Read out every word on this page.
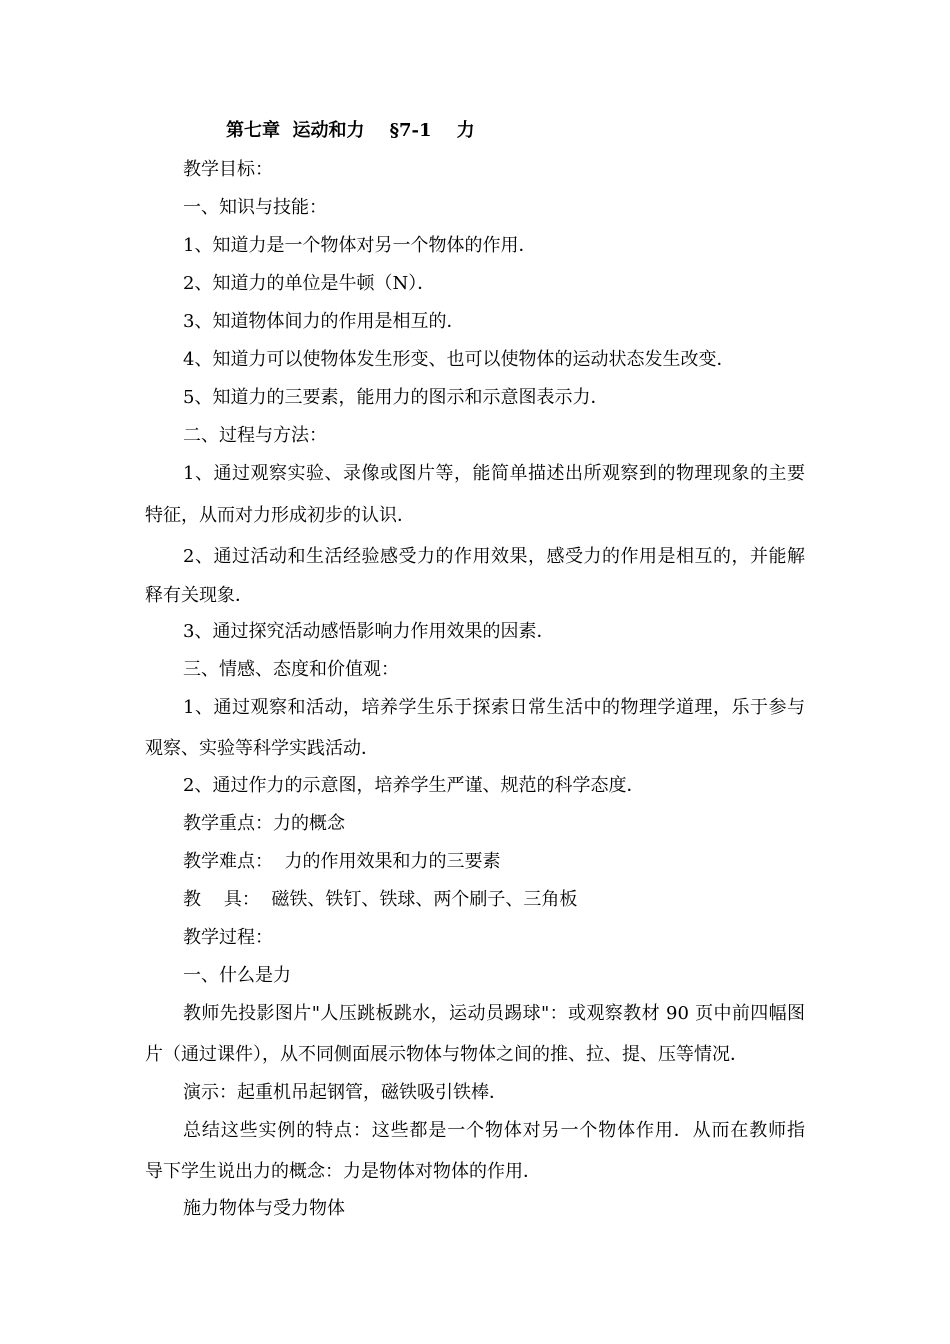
第七章  运动和力    §7-1    力
教学目标：
一、知识与技能：
1、知道力是一个物体对另一个物体的作用．
2、知道力的单位是牛顿（N）．
3、知道物体间力的作用是相互的．
4、知道力可以使物体发生形变、也可以使物体的运动状态发生改变．
5、知道力的三要素，能用力的图示和示意图表示力．
二、过程与方法：
1、通过观察实验、录像或图片等，能简单描述出所观察到的物理现象的主要
特征，从而对力形成初步的认识．
2、通过活动和生活经验感受力的作用效果，感受力的作用是相互的，并能解
释有关现象．
3、通过探究活动感悟影响力作用效果的因素．
三、情感、态度和价值观：
1、通过观察和活动，培养学生乐于探索日常生活中的物理学道理，乐于参与
观察、实验等科学实践活动．
2、通过作力的示意图，培养学生严谨、规范的科学态度．
教学重点：力的概念
教学难点：  力的作用效果和力的三要素
教    具：  磁铁、铁钉、铁球、两个刷子、三角板
教学过程：
一、什么是力
教师先投影图片"人压跳板跳水，运动员踢球"：或观察教材 90 页中前四幅图
片（通过课件），从不同侧面展示物体与物体之间的推、拉、提、压等情况．
演示：起重机吊起钢管，磁铁吸引铁棒．
总结这些实例的特点：这些都是一个物体对另一个物体作用．从而在教师指
导下学生说出力的概念：力是物体对物体的作用．
施力物体与受力物体
